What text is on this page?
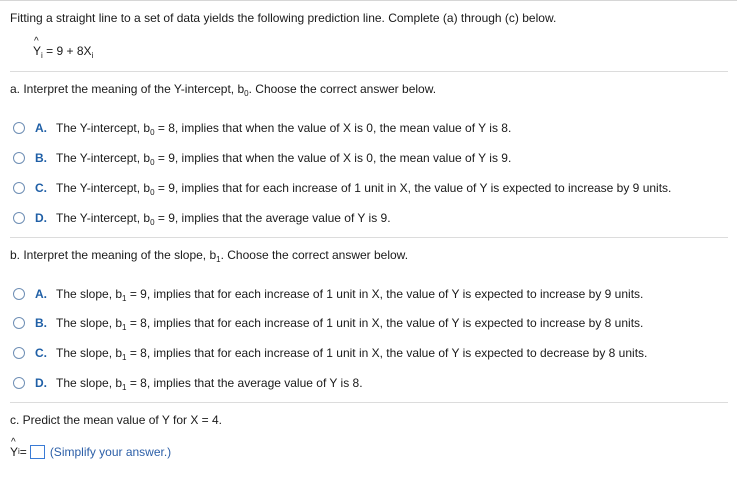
Fitting a straight line to a set of data yields the following prediction line. Complete (a) through (c) below.
^ $Y_i = 9 + 8X_i$
a. Interpret the meaning of the Y-intercept, $b_0$. Choose the correct answer below.
A. The Y-intercept, $b_0 = 8$, implies that when the value of X is 0, the mean value of Y is 8.
B. The Y-intercept, $b_0 = 9$, implies that when the value of X is 0, the mean value of Y is 9.
C. The Y-intercept, $b_0 = 9$, implies that for each increase of 1 unit in X, the value of Y is expected to increase by 9 units.
D. The Y-intercept, $b_0 = 9$, implies that the average value of Y is 9.
b. Interpret the meaning of the slope, $b_1$. Choose the correct answer below.
A. The slope, $b_1 = 9$, implies that for each increase of 1 unit in X, the value of Y is expected to increase by 9 units.
B. The slope, $b_1 = 8$, implies that for each increase of 1 unit in X, the value of Y is expected to increase by 8 units.
C. The slope, $b_1 = 8$, implies that for each increase of 1 unit in X, the value of Y is expected to decrease by 8 units.
D. The slope, $b_1 = 8$, implies that the average value of Y is 8.
c. Predict the mean value of Y for X = 4.
^ Y i = (Simplify your answer.)
